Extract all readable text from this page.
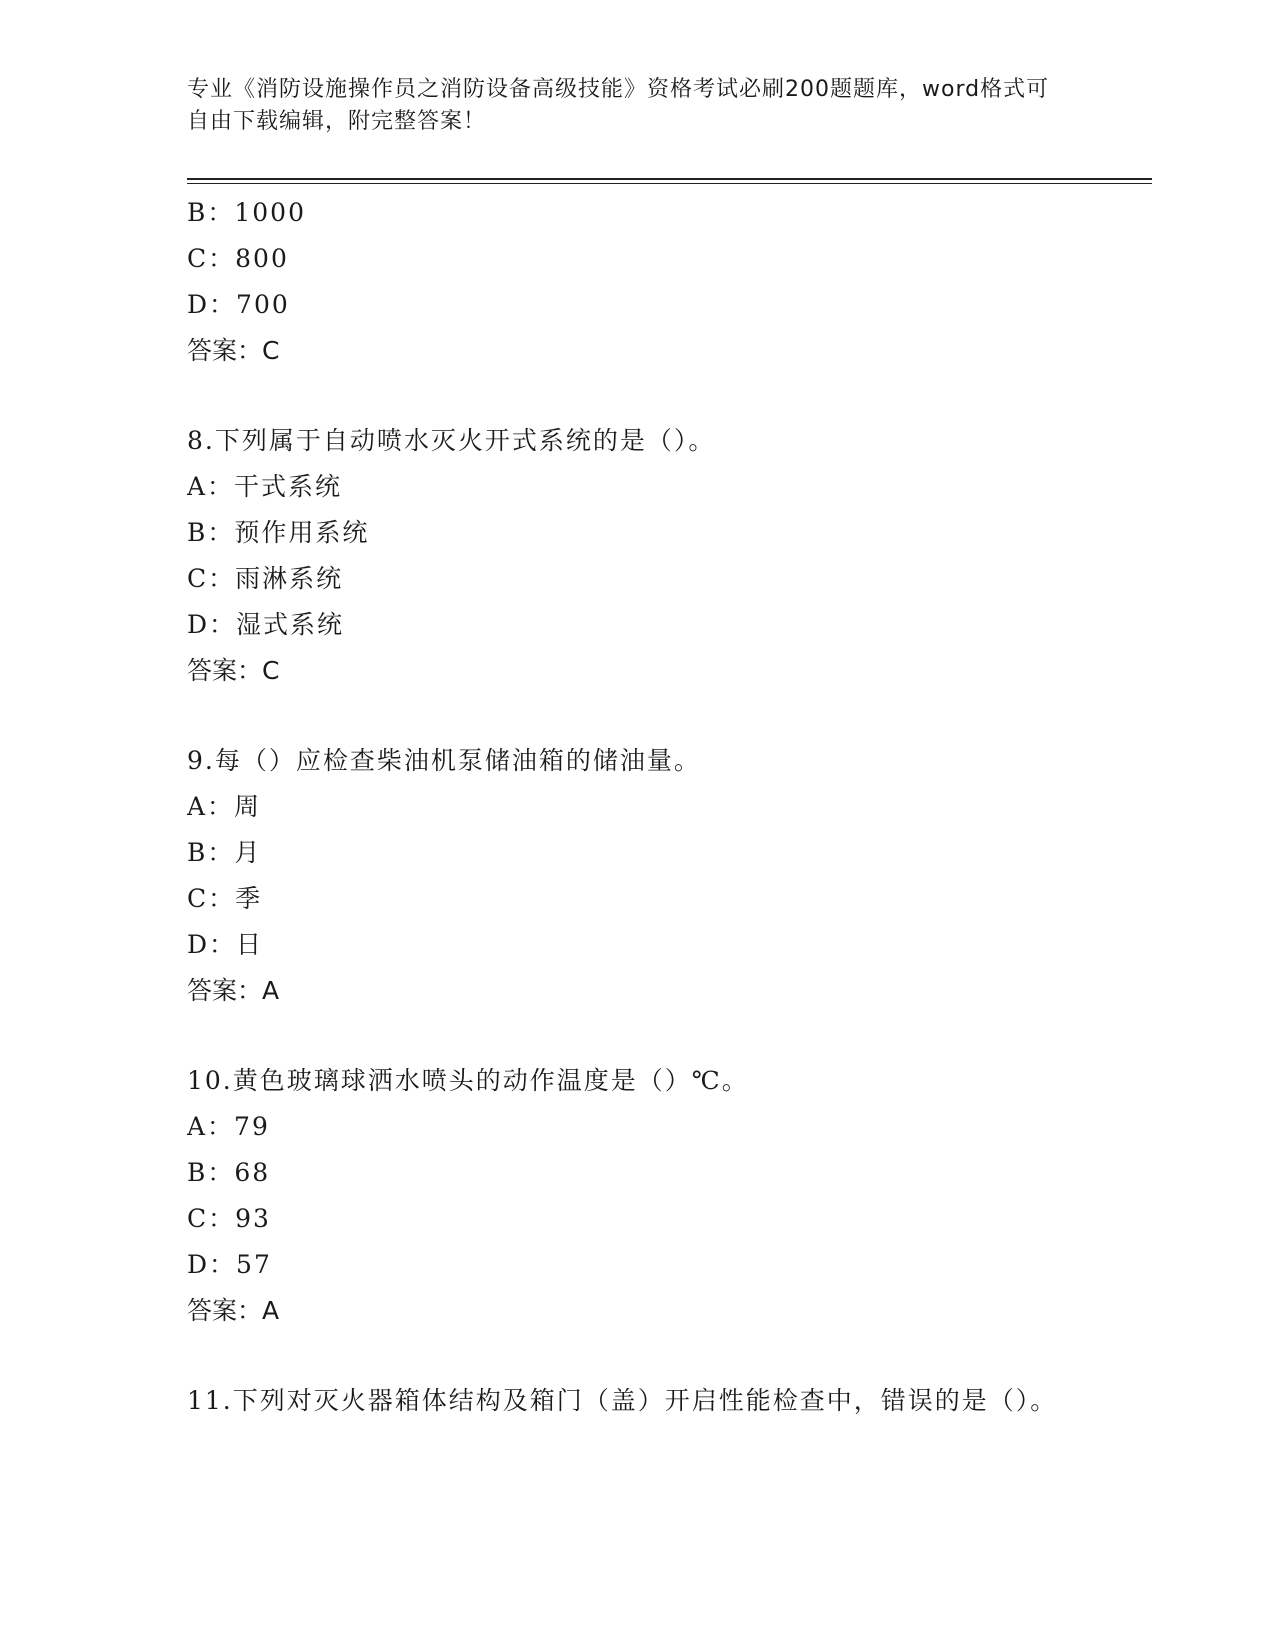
专业《消防设施操作员之消防设备高级技能》资格考试必刷200题题库，word格式可自由下载编辑，附完整答案！
B：1000
C：800
D：700
答案：C
8.下列属于自动喷水灭火开式系统的是（）。
A：干式系统
B：预作用系统
C：雨淋系统
D：湿式系统
答案：C
9.每（）应检查柴油机泵储油箱的储油量。
A：周
B：月
C：季
D：日
答案：A
10.黄色玻璃球洒水喷头的动作温度是（）℃。
A：79
B：68
C：93
D：57
答案：A
11.下列对灭火器箱体结构及箱门（盖）开启性能检查中，错误的是（）。
